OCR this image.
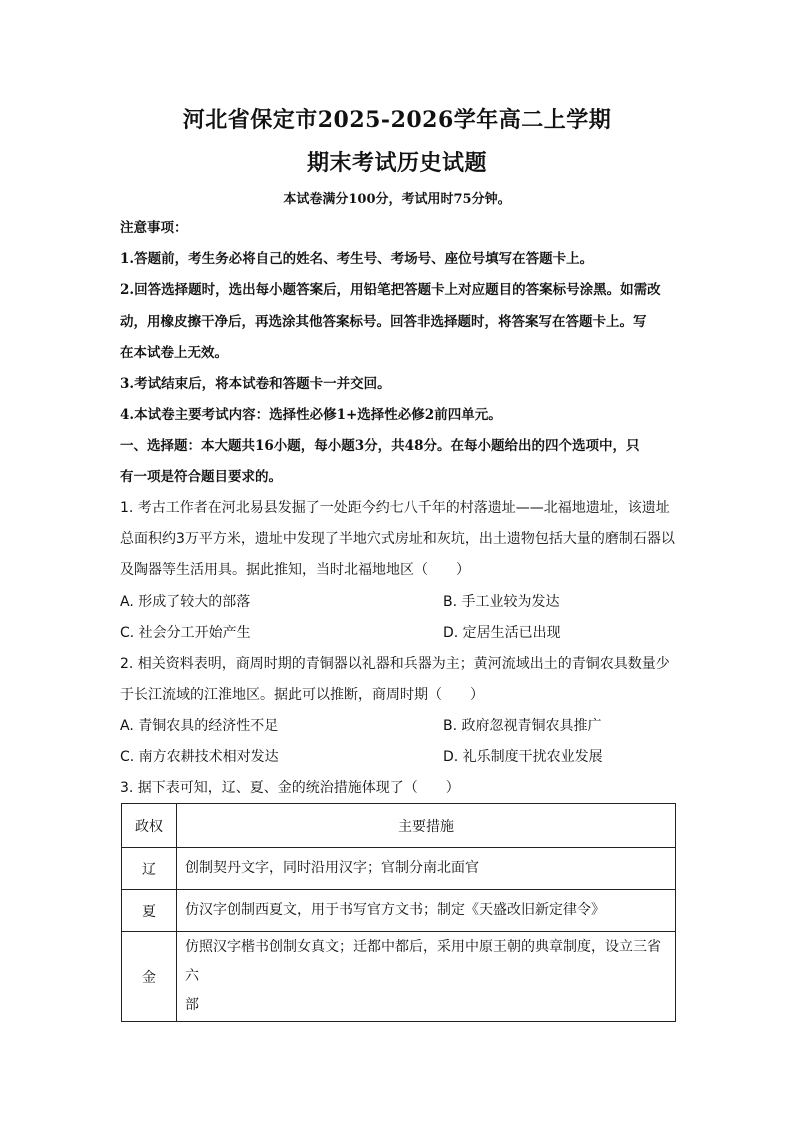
河北省保定市2025-2026学年高二上学期
期末考试历史试题
本试卷满分100分，考试用时75分钟。
注意事项：
1.答题前，考生务必将自己的姓名、考生号、考场号、座位号填写在答题卡上。
2.回答选择题时，选出每小题答案后，用铅笔把答题卡上对应题目的答案标号涂黑。如需改
动，用橡皮擦干净后，再选涂其他答案标号。回答非选择题时，将答案写在答题卡上。写
在本试卷上无效。
3.考试结束后，将本试卷和答题卡一并交回。
4.本试卷主要考试内容：选择性必修1+选择性必修2前四单元。
一、选择题：本大题共16小题，每小题3分，共48分。在每小题给出的四个选项中，只
有一项是符合题目要求的。
1. 考古工作者在河北易县发掘了一处距今约七八千年的村落遗址——北福地遗址，该遗址
总面积约3万平方米，遗址中发现了半地穴式房址和灰坑，出土遗物包括大量的磨制石器以
及陶器等生活用具。据此推知，当时北福地地区（　　）
A. 形成了较大的部落	B. 手工业较为发达
C. 社会分工开始产生	D. 定居生活已出现
2. 相关资料表明，商周时期的青铜器以礼器和兵器为主；黄河流域出土的青铜农具数量少
于长江流域的江淮地区。据此可以推断，商周时期（　　）
A. 青铜农具的经济性不足	B. 政府忽视青铜农具推广
C. 南方农耕技术相对发达	D. 礼乐制度干扰农业发展
3. 据下表可知，辽、夏、金的统治措施体现了（　　）
政权	主要措施
辽	创制契丹文字，同时沿用汉字；官制分南北面官
夏	仿汉字创制西夏文，用于书写官方文书；制定《天盛改旧新定律令》
金	仿照汉字楷书创制女真文；迁都中都后，采用中原王朝的典章制度，设立三省六
部
